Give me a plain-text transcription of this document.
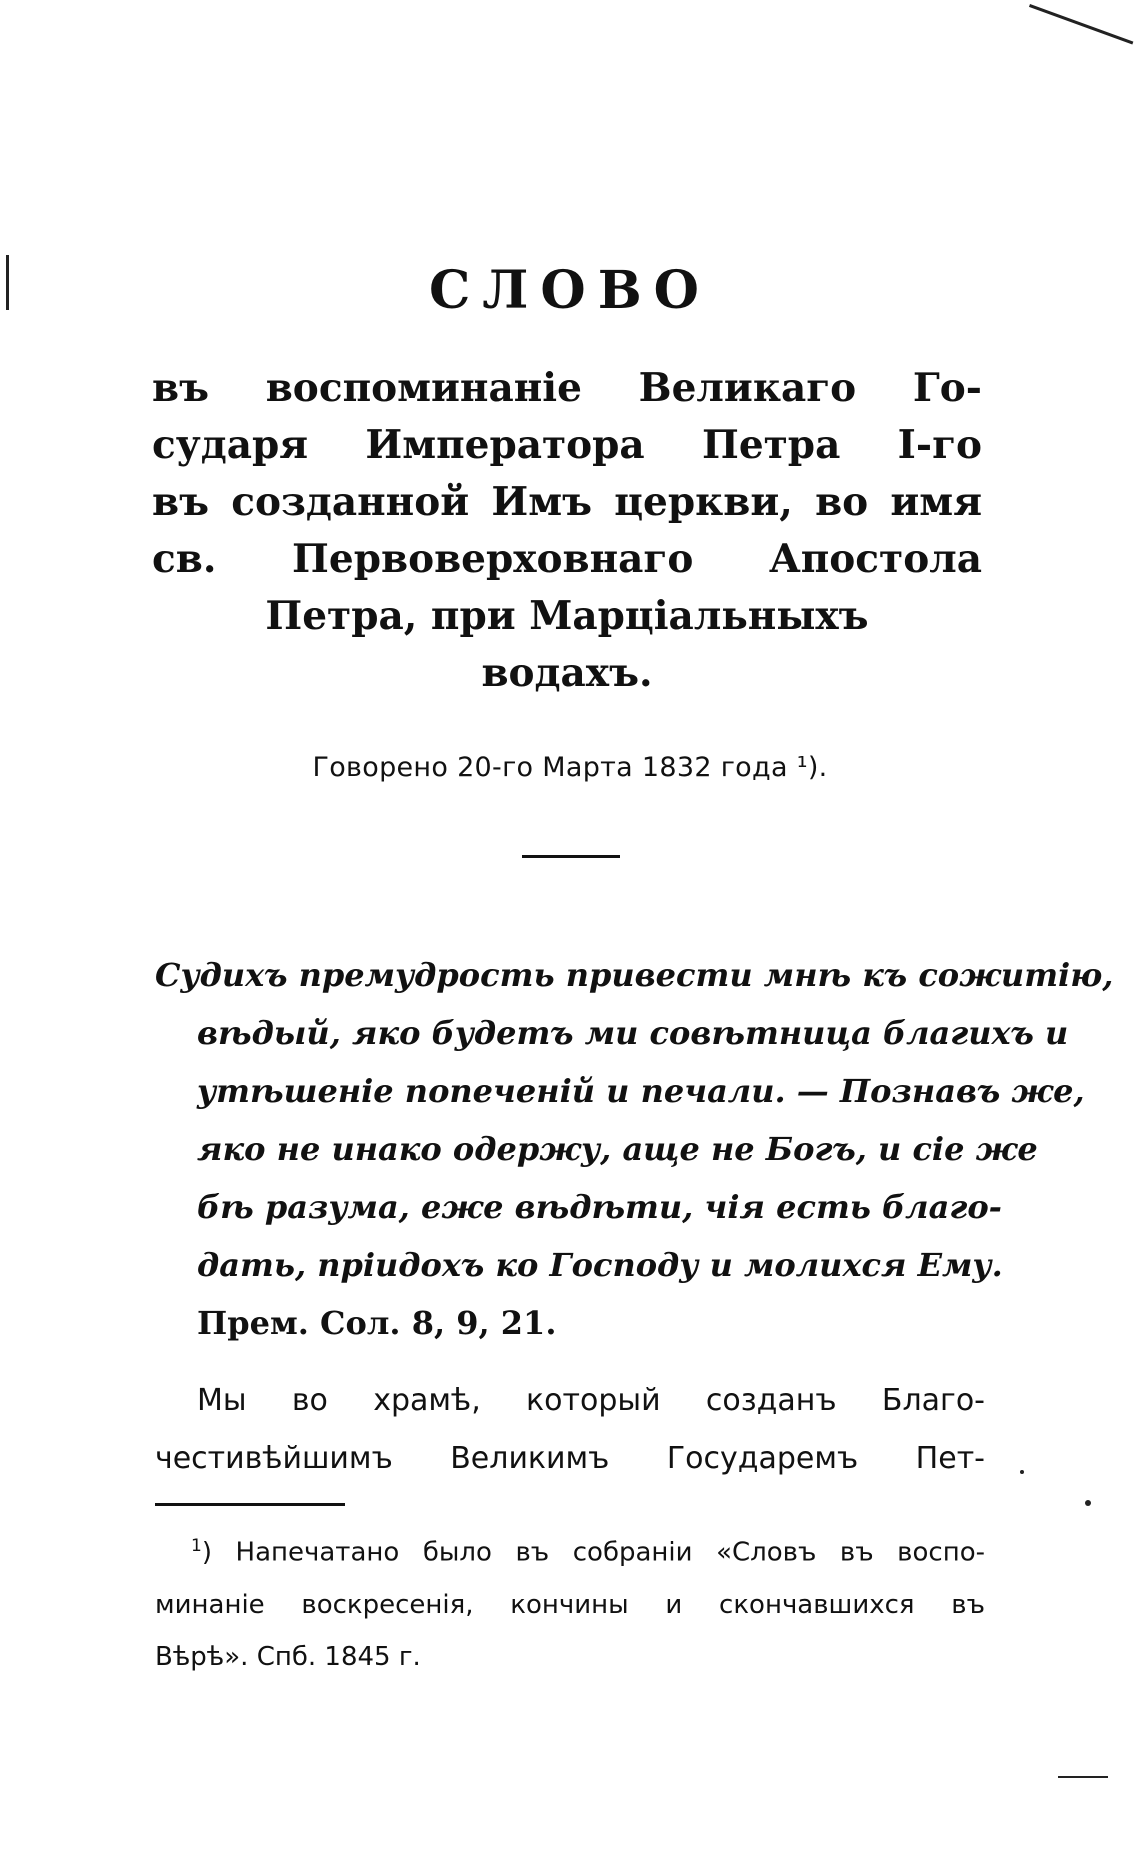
СЛОВО
въ воспоминаніе Великаго Го-
сударя Императора Петра I-го
въ созданной Имъ церкви, во имя
св. Первоверховнаго Апостола
Петра, при Марціальныхъ
водахъ.
Говорено 20-го Марта 1832 года ¹).
Судихъ премудрость привести мнѣ къ сожитію,
вѣдый, яко будетъ ми совѣтница благихъ и
утѣшеніе попеченій и печали. — Познавъ же,
яко не инако одержу, аще не Богъ, и сіе же
бѣ разума, еже вѣдѣти, чія есть благо-
дать, пріидохъ ко Господу и молихся Ему.
Прем. Сол. 8, 9, 21.
Мы во храмѣ, который созданъ Благо-
честивѣйшимъ Великимъ Государемъ Пет-
$^1$) Напечатано было въ собраніи «Словъ въ воспо-
минаніе воскресенія, кончины и скончавшихся въ
Вѣрѣ». Спб. 1845 г.
